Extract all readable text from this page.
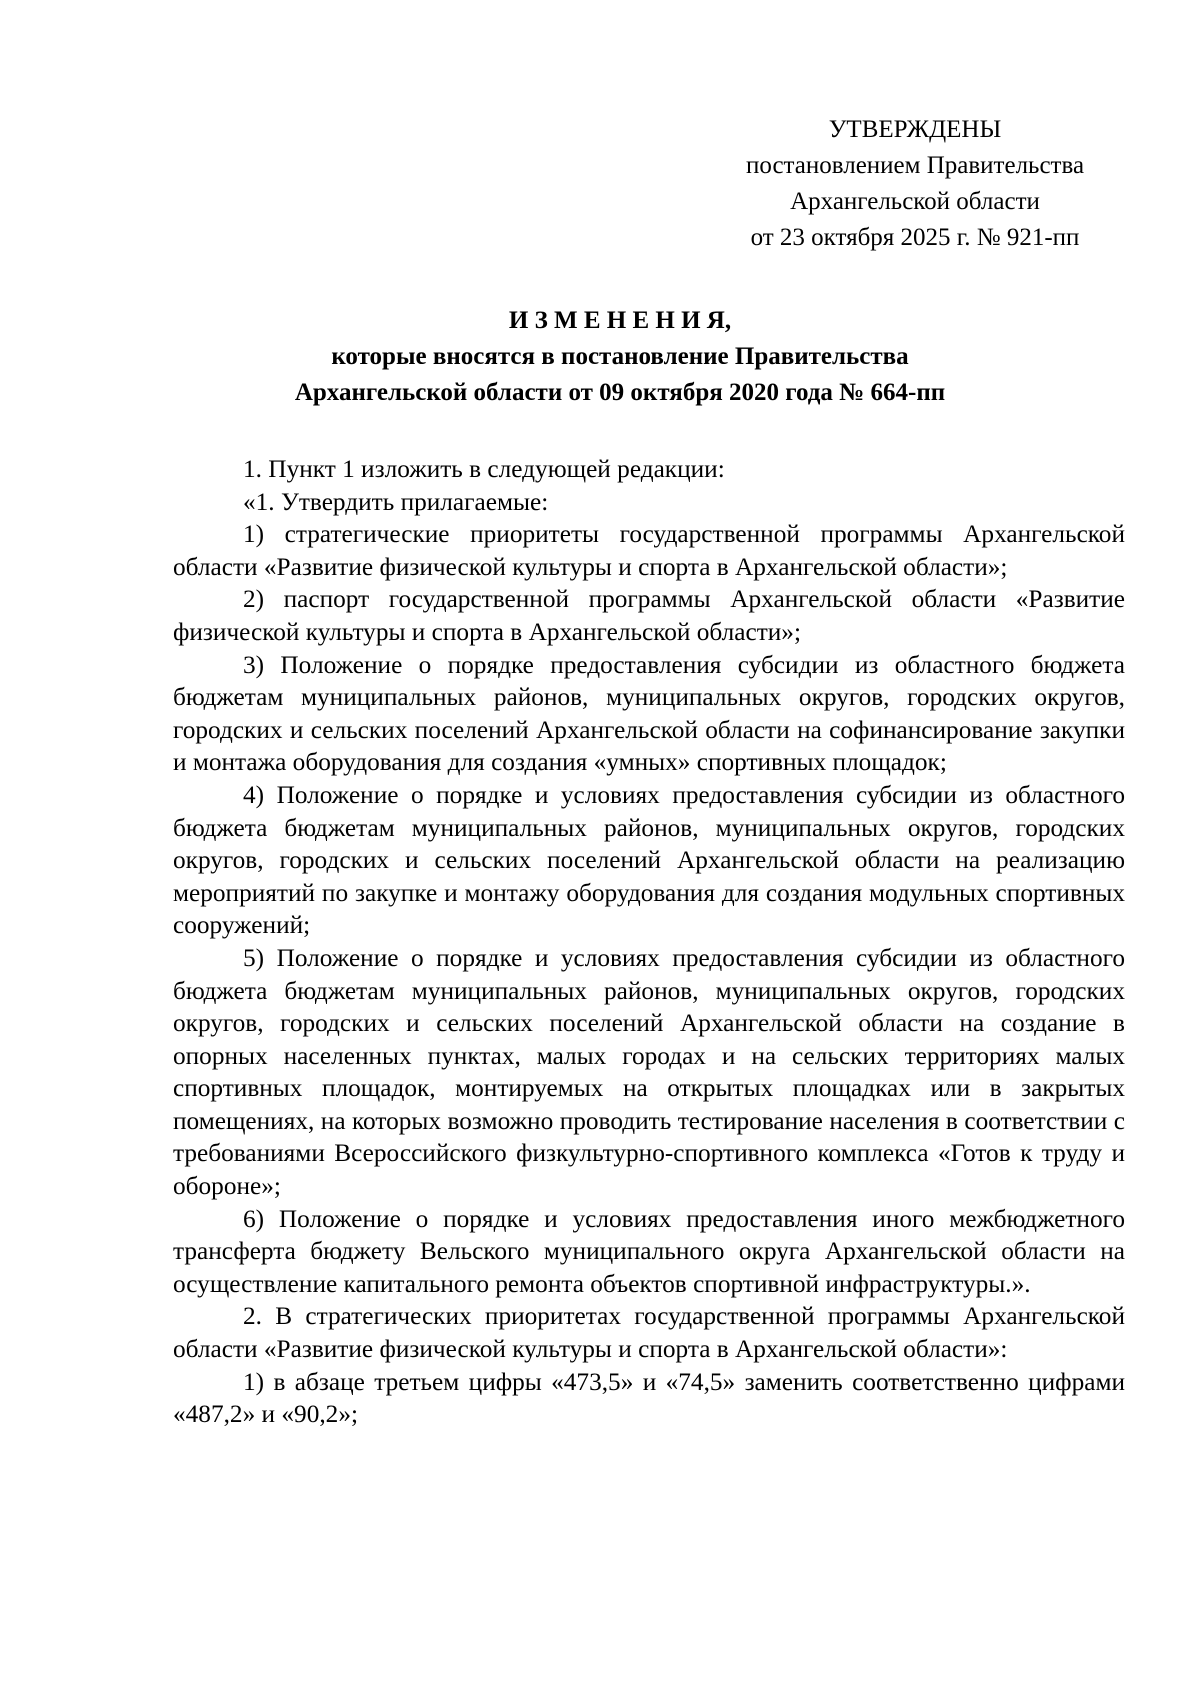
УТВЕРЖДЕНЫ
постановлением Правительства
Архангельской области
от 23 октября 2025 г. № 921-пп
И З М Е Н Е Н И Я,
которые вносятся в постановление Правительства
Архангельской области от 09 октября 2020 года № 664-пп

1. Пункт 1 изложить в следующей редакции:

«1. Утвердить прилагаемые:

1) стратегические приоритеты государственной программы Архангельской области «Развитие физической культуры и спорта в Архангельской области»;

2) паспорт государственной программы Архангельской области «Развитие физической культуры и спорта в Архангельской области»;

3) Положение о порядке предоставления субсидии из областного бюджета бюджетам муниципальных районов, муниципальных округов, городских округов, городских и сельских поселений Архангельской области на софинансирование закупки и монтажа оборудования для создания «умных» спортивных площадок;

4) Положение о порядке и условиях предоставления субсидии из областного бюджета бюджетам муниципальных районов, муниципальных округов, городских округов, городских и сельских поселений Архангельской области на реализацию мероприятий по закупке и монтажу оборудования для создания модульных спортивных сооружений;

5) Положение о порядке и условиях предоставления субсидии из областного бюджета бюджетам муниципальных районов, муниципальных округов, городских округов, городских и сельских поселений Архангельской области на создание в опорных населенных пунктах, малых городах и на сельских территориях малых спортивных площадок, монтируемых на открытых площадках или в закрытых помещениях, на которых возможно проводить тестирование населения в соответствии с требованиями Всероссийского физкультурно-спортивного комплекса «Готов к труду и обороне»;

6) Положение о порядке и условиях предоставления иного межбюджетного трансферта бюджету Вельского муниципального округа Архангельской области на осуществление капитального ремонта объектов спортивной инфраструктуры.».

2. В стратегических приоритетах государственной программы Архангельской области «Развитие физической культуры и спорта в Архангельской области»:

1) в абзаце третьем цифры «473,5» и «74,5» заменить соответственно цифрами «487,2» и «90,2»;
